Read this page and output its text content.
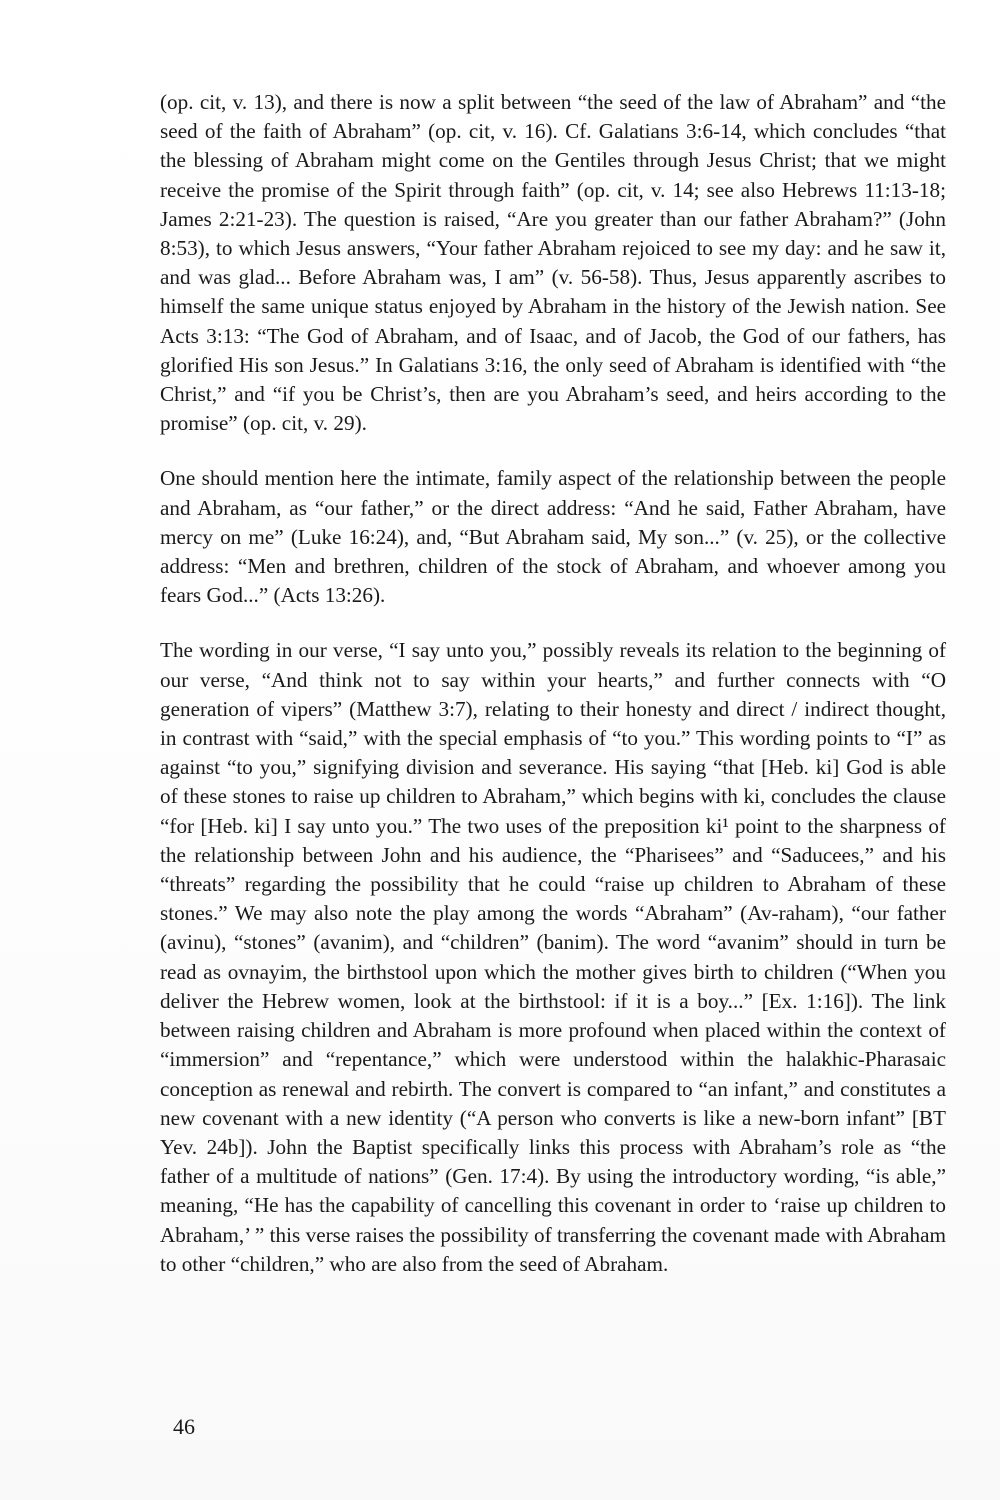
(op. cit, v. 13), and there is now a split between “the seed of the law of Abraham” and “the seed of the faith of Abraham” (op. cit, v. 16). Cf. Galatians 3:6-14, which concludes “that the blessing of Abraham might come on the Gentiles through Jesus Christ; that we might receive the promise of the Spirit through faith” (op. cit, v. 14; see also Hebrews 11:13-18; James 2:21-23). The question is raised, “Are you greater than our father Abraham?” (John 8:53), to which Jesus answers, “Your father Abraham rejoiced to see my day: and he saw it, and was glad... Before Abraham was, I am” (v. 56-58). Thus, Jesus apparently ascribes to himself the same unique status enjoyed by Abraham in the history of the Jewish nation. See Acts 3:13: “The God of Abraham, and of Isaac, and of Jacob, the God of our fathers, has glorified His son Jesus.” In Galatians 3:16, the only seed of Abraham is identified with “the Christ,” and “if you be Christ’s, then are you Abraham’s seed, and heirs according to the promise” (op. cit, v. 29).

One should mention here the intimate, family aspect of the relationship between the people and Abraham, as “our father,” or the direct address: “And he said, Father Abraham, have mercy on me” (Luke 16:24), and, “But Abraham said, My son...” (v. 25), or the collective address: “Men and brethren, children of the stock of Abraham, and whoever among you fears God...” (Acts 13:26).

The wording in our verse, “I say unto you,” possibly reveals its relation to the beginning of our verse, “And think not to say within your hearts,” and further connects with “O generation of vipers” (Matthew 3:7), relating to their honesty and direct / indirect thought, in contrast with “said,” with the special emphasis of “to you.” This wording points to “I” as against “to you,” signifying division and severance. His saying “that [Heb. ki] God is able of these stones to raise up children to Abraham,” which begins with ki, concludes the clause “for [Heb. ki] I say unto you.” The two uses of the preposition ki¹ point to the sharpness of the relationship between John and his audience, the “Pharisees” and “Saducees,” and his “threats” regarding the possibility that he could “raise up children to Abraham of these stones.” We may also note the play among the words “Abraham” (Av-raham), “our father (avinu), “stones” (avanim), and “children” (banim). The word “avanim” should in turn be read as ovnayim, the birthstool upon which the mother gives birth to children (“When you deliver the Hebrew women, look at the birthstool: if it is a boy...” [Ex. 1:16]). The link between raising children and Abraham is more profound when placed within the context of “immersion” and “repentance,” which were understood within the halakhic-Pharasaic conception as renewal and rebirth. The convert is compared to “an infant,” and constitutes a new covenant with a new identity (“A person who converts is like a new-born infant” [BT Yev. 24b]). John the Baptist specifically links this process with Abraham’s role as “the father of a multitude of nations” (Gen. 17:4). By using the introductory wording, “is able,” meaning, “He has the capability of cancelling this covenant in order to ‘raise up children to Abraham,’ ” this verse raises the possibility of transferring the covenant made with Abraham to other “children,” who are also from the seed of Abraham.

46
